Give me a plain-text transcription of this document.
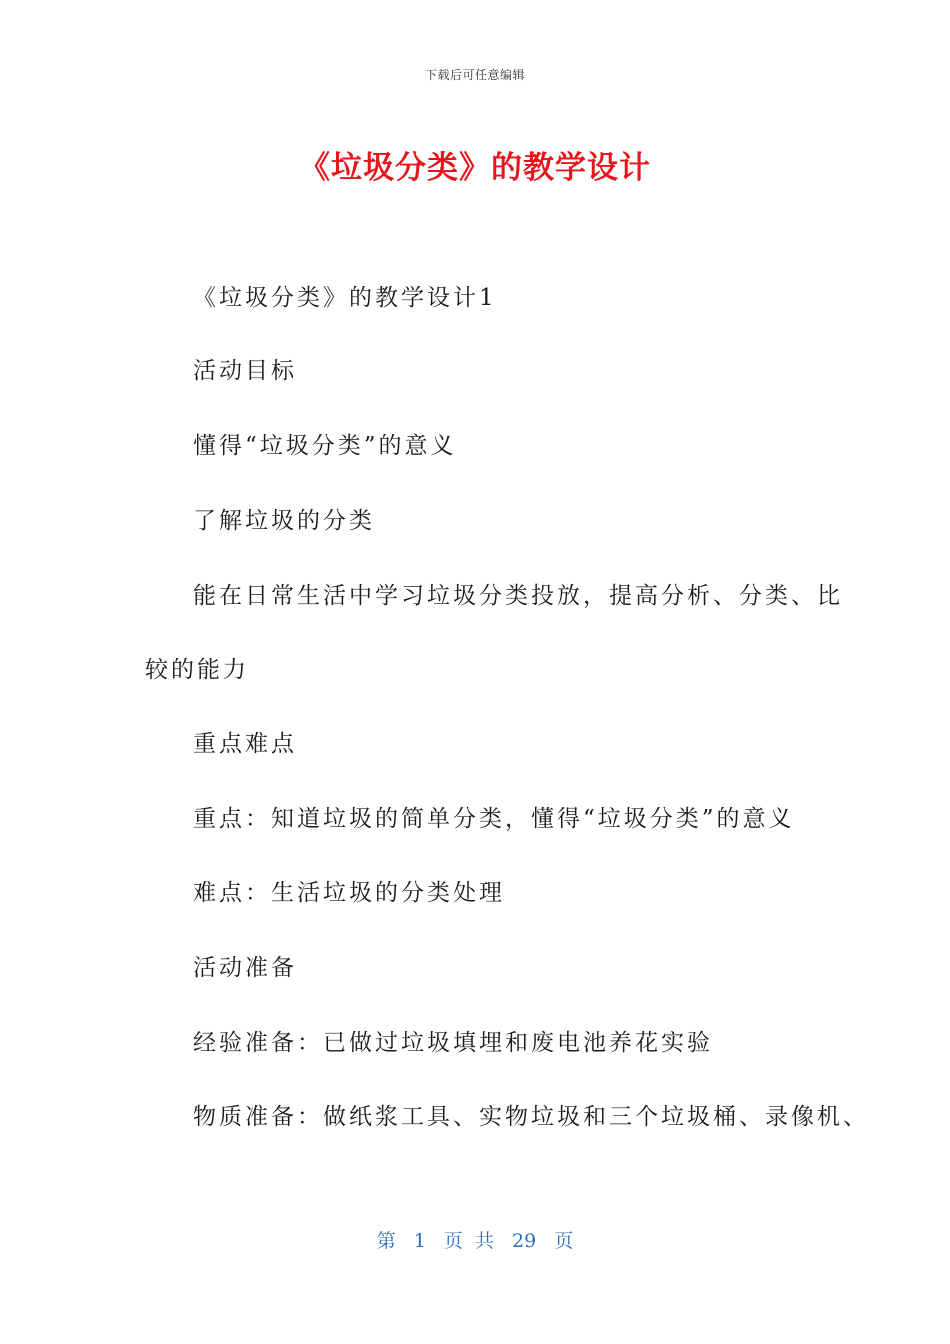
下载后可任意编辑
《垃圾分类》的教学设计
《垃圾分类》的教学设计1
活动目标
懂得“垃圾分类”的意义
了解垃圾的分类
能在日常生活中学习垃圾分类投放，提高分析、分类、比
较的能力
重点难点
重点：知道垃圾的简单分类，懂得“垃圾分类”的意义
难点：生活垃圾的分类处理
活动准备
经验准备：已做过垃圾填埋和废电池养花实验
物质准备：做纸浆工具、实物垃圾和三个垃圾桶、录像机、
第 1 页 共 29 页
